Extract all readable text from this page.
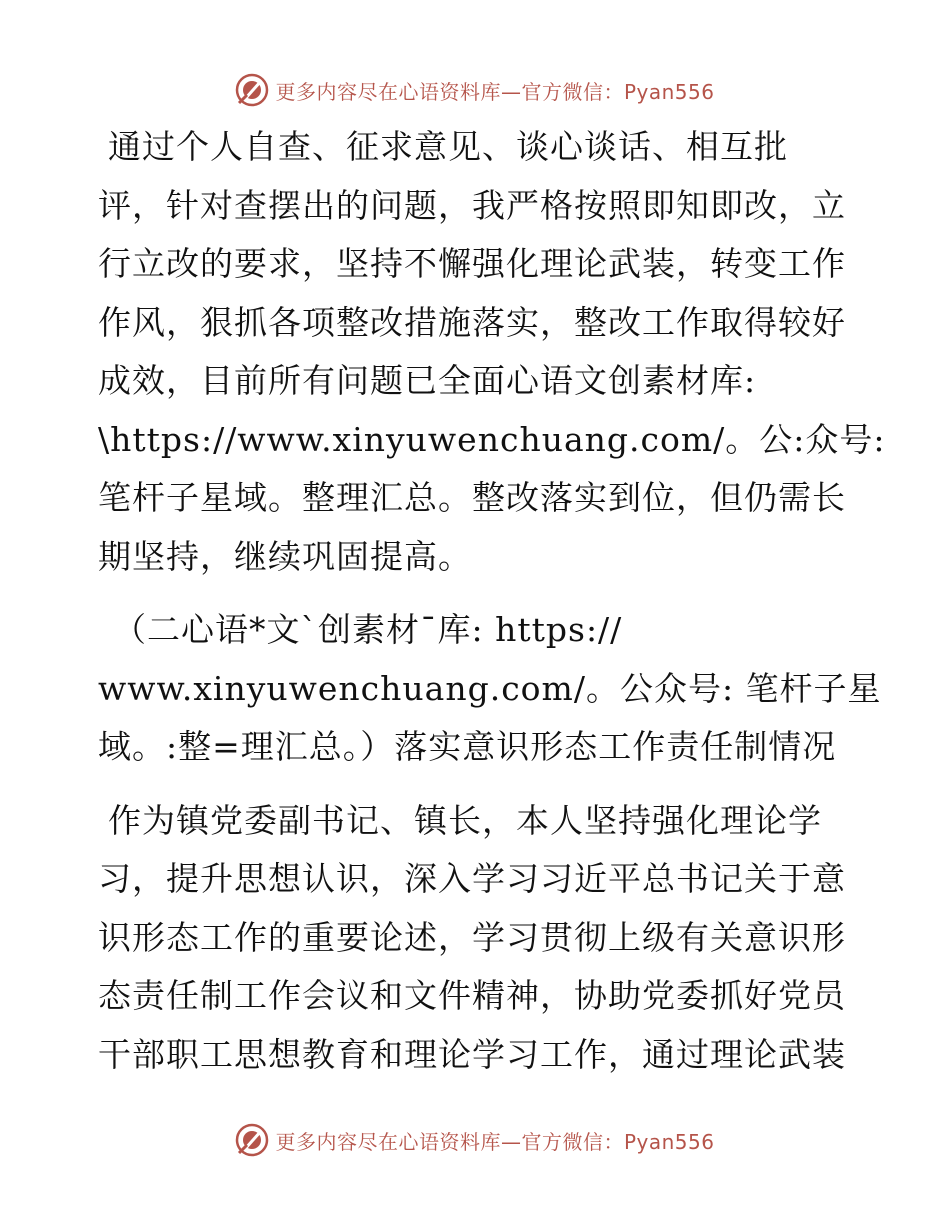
更多内容尽在心语资料库—官方微信：Pyan556
通过个人自查、征求意见、谈心谈话、相互批
评，针对查摆出的问题，我严格按照即知即改，立
行立改的要求，坚持不懈强化理论武装，转变工作
作风，狠抓各项整改措施落实，整改工作取得较好
成效，目前所有问题已全面心语文创素材库:
\https://www.xinyuwenchuang.com/。公:众号:
笔杆子星域。整理汇总。整改落实到位，但仍需长
期坚持，继续巩固提高。
（二心语*文`创素材¯库: https://
www.xinyuwenchuang.com/。公众号: 笔杆子星
域。:整=理汇总。）落实意识形态工作责任制情况
作为镇党委副书记、镇长，本人坚持强化理论学
习，提升思想认识，深入学习习近平总书记关于意
识形态工作的重要论述，学习贯彻上级有关意识形
态责任制工作会议和文件精神，协助党委抓好党员
干部职工思想教育和理论学习工作，通过理论武装
更多内容尽在心语资料库—官方微信：Pyan556
